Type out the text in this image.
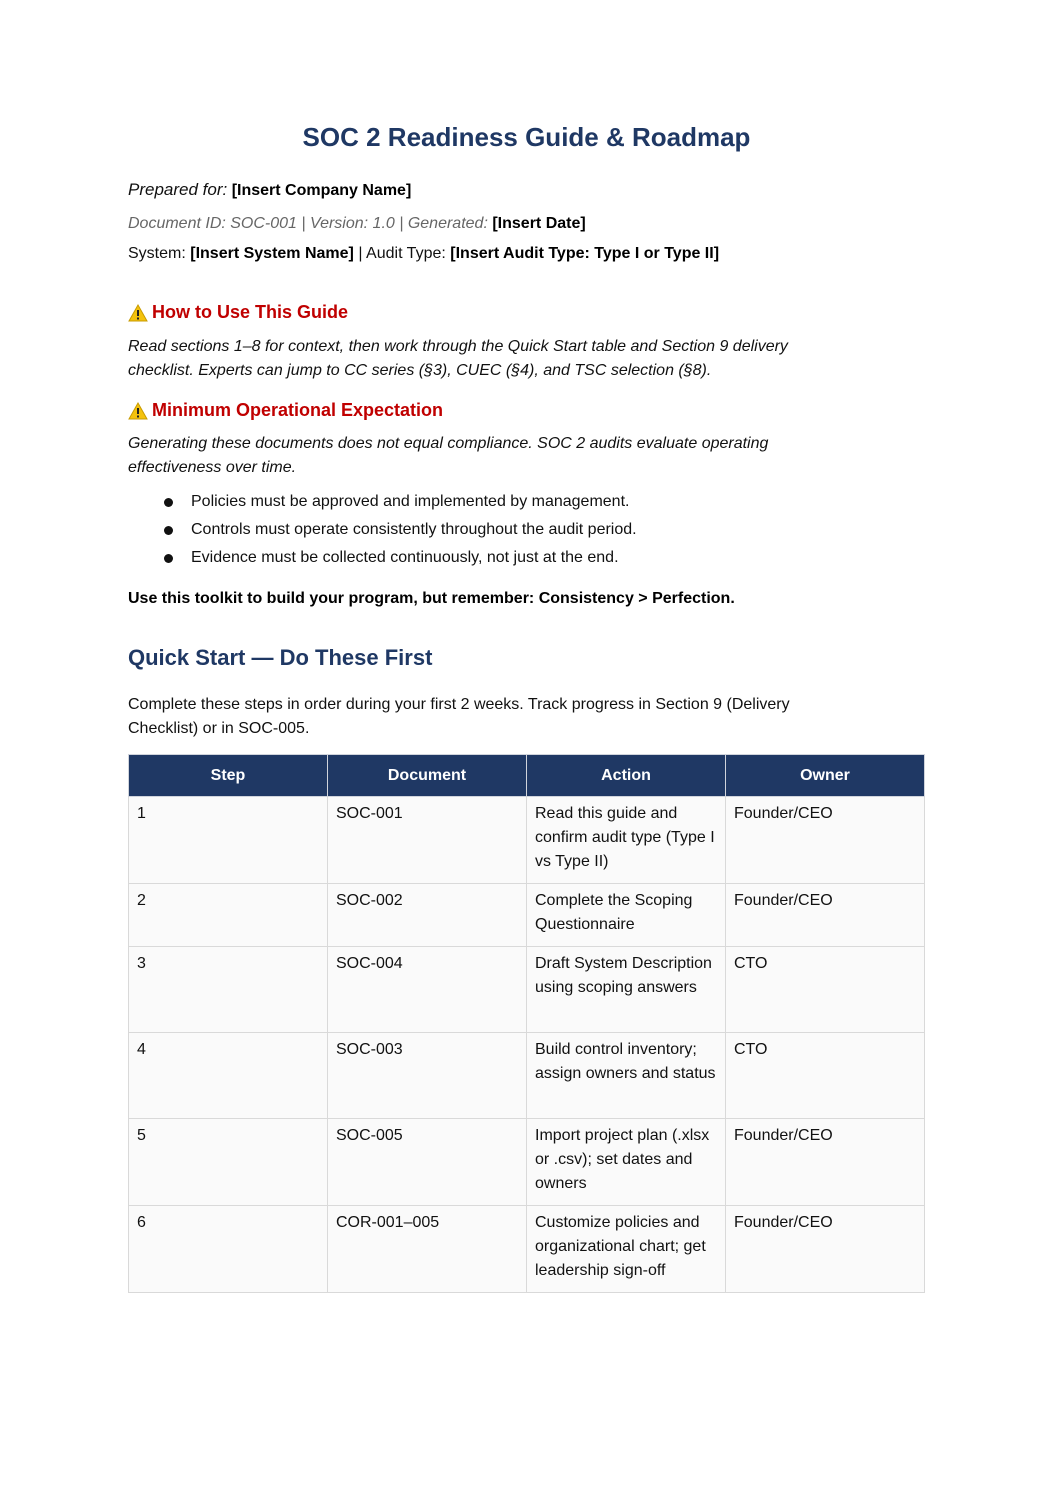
SOC 2 Readiness Guide & Roadmap
Prepared for: [Insert Company Name]
Document ID: SOC-001 | Version: 1.0 | Generated: [Insert Date]
System: [Insert System Name] | Audit Type: [Insert Audit Type: Type I or Type II]
How to Use This Guide
Read sections 1–8 for context, then work through the Quick Start table and Section 9 delivery
checklist. Experts can jump to CC series (§3), CUEC (§4), and TSC selection (§8).
Minimum Operational Expectation
Generating these documents does not equal compliance. SOC 2 audits evaluate operating
effectiveness over time.
Policies must be approved and implemented by management.
Controls must operate consistently throughout the audit period.
Evidence must be collected continuously, not just at the end.
Use this toolkit to build your program, but remember: Consistency > Perfection.
Quick Start — Do These First
Complete these steps in order during your first 2 weeks. Track progress in Section 9 (Delivery
Checklist) or in SOC-005.
Step	Document	Action	Owner
1	SOC-001	Read this guide and confirm audit type (Type I vs Type II)	Founder/CEO
2	SOC-002	Complete the Scoping Questionnaire	Founder/CEO
3	SOC-004	Draft System Description using scoping answers	CTO
4	SOC-003	Build control inventory; assign owners and status	CTO
5	SOC-005	Import project plan (.xlsx or .csv); set dates and owners	Founder/CEO
6	COR-001–005	Customize policies and organizational chart; get leadership sign-off	Founder/CEO
